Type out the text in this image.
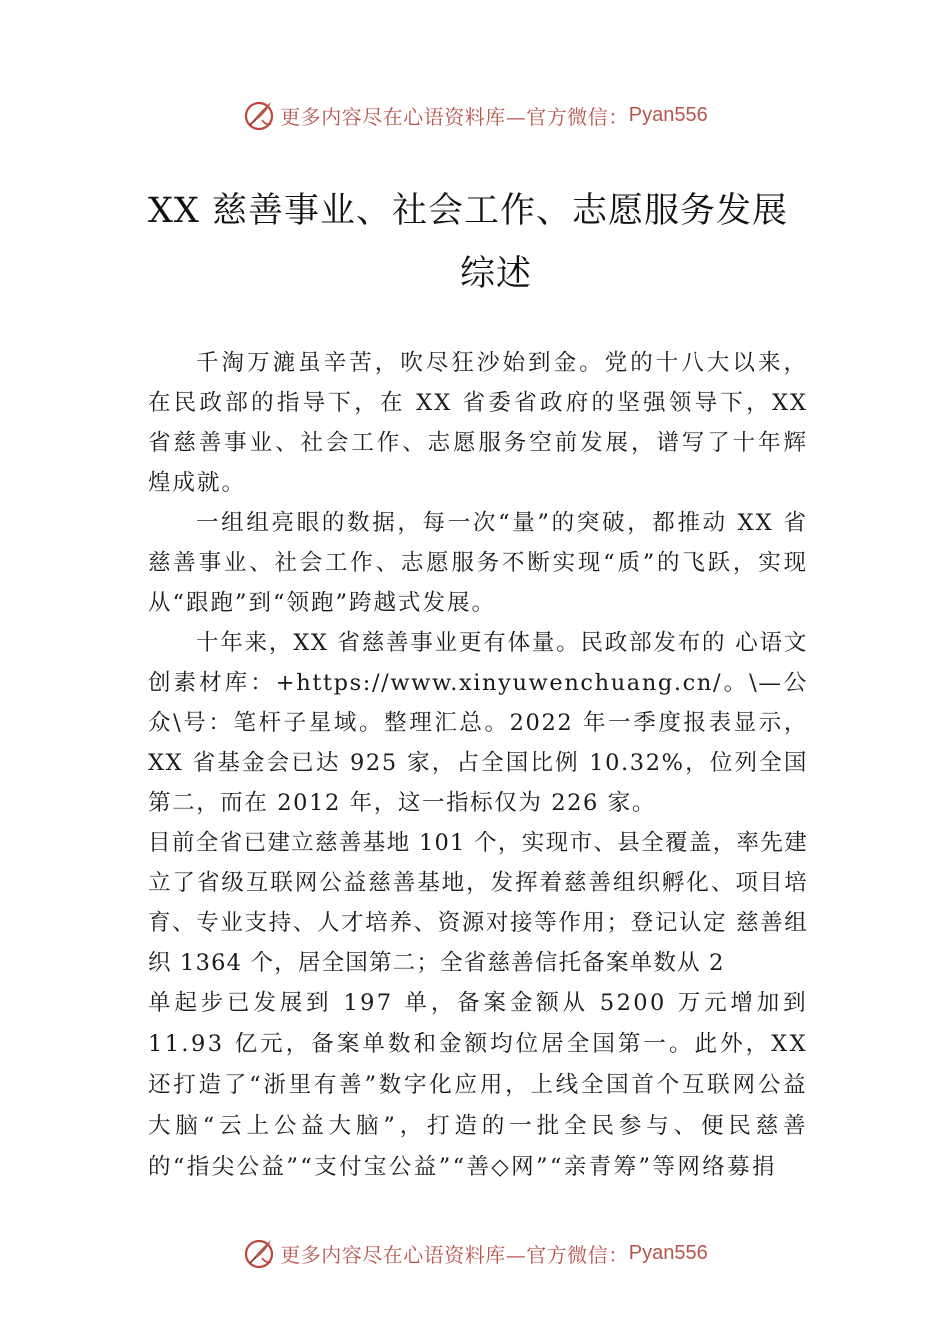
更多内容尽在心语资料库—官方微信： Pyan556
XX 慈善事业、社会工作、志愿服务发展
综述
千淘万漉虽辛苦，吹尽狂沙始到金。党的十八大以来，在民政部的指导下，在 XX 省委省政府的坚强领导下，XX 省慈善事业、社会工作、志愿服务空前发展，谱写了十年辉煌成就。
一组组亮眼的数据，每一次“量”的突破，都推动 XX 省慈善事业、社会工作、志愿服务不断实现“质”的飞跃，实现从“跟跑”到“领跑”跨越式发展。
十年来，XX 省慈善事业更有体量。民政部发布的 心语文创素材库：+https://www.xinyuwenchuang.cn/。\—公众\号：笔杆子星域。整理汇总。2022 年一季度报表显示，XX 省基金会已达 925 家，占全国比例 10.32%，位列全国第二，而在 2012 年，这一指标仅为 226 家。
目前全省已建立慈善基地 101 个，实现市、县全覆盖，率先建立了省级互联网公益慈善基地，发挥着慈善组织孵化、项目培育、专业支持、人才培养、资源对接等作用；登记认定 慈善组织 1364 个，居全国第二；全省慈善信托备案单数从 2
单起步已发展到 197 单，备案金额从 5200 万元增加到 11.93 亿元，备案单数和金额均位居全国第一。此外，XX 还打造了“浙里有善”数字化应用，上线全国首个互联网公益大脑“云上公益大脑”，打造的一批全民参与、便民慈善的“指尖公益”“支付宝公益”“善◇网”“亲青筹”等网络募捐
更多内容尽在心语资料库—官方微信： Pyan556
